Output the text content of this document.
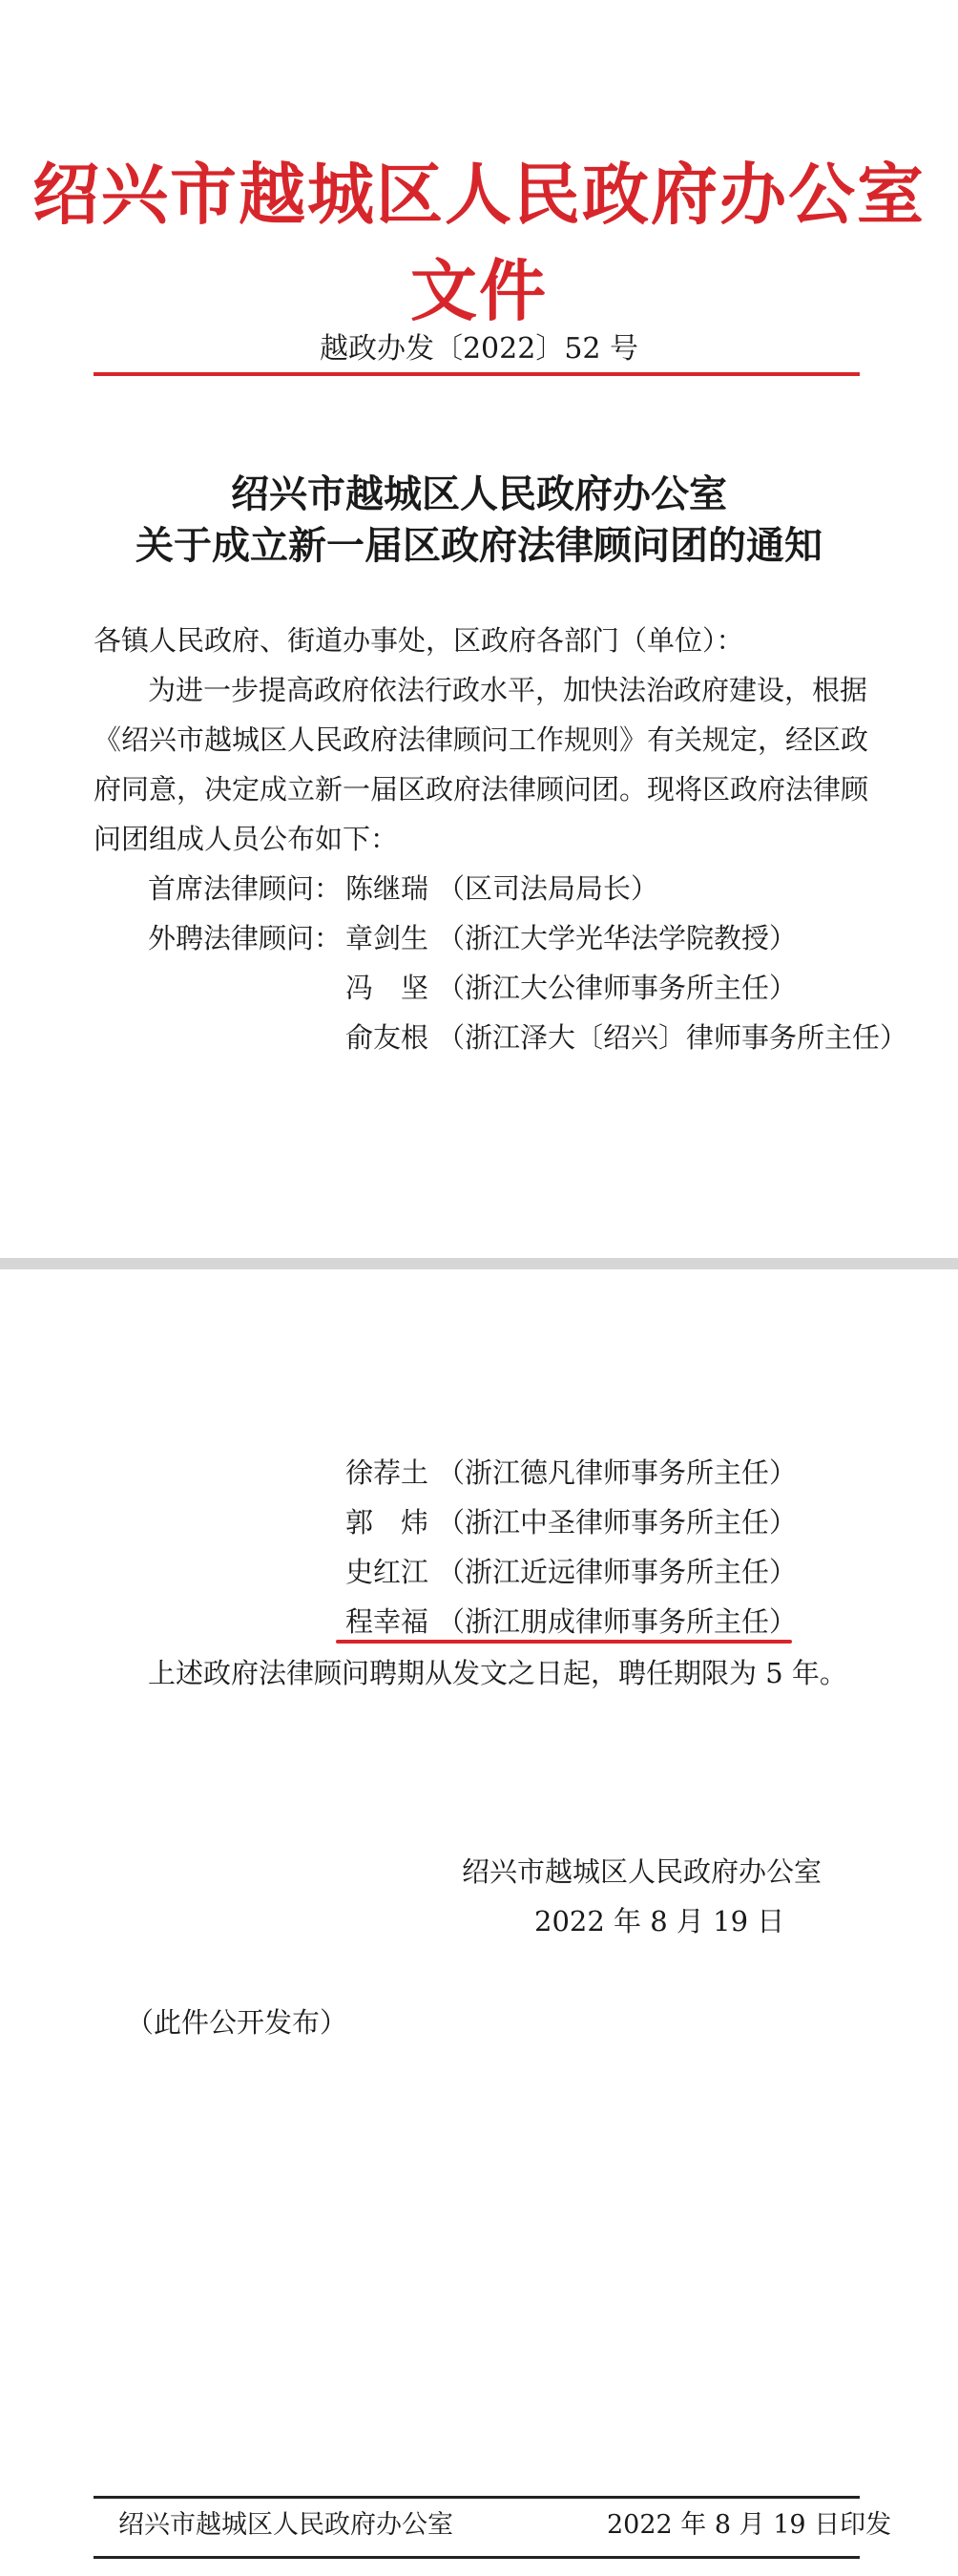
绍兴市越城区人民政府办公室文件
越政办发〔2022〕52 号
绍兴市越城区人民政府办公室
关于成立新一届区政府法律顾问团的通知
各镇人民政府、街道办事处，区政府各部门（单位）：
为进一步提高政府依法行政水平，加快法治政府建设，根据
《绍兴市越城区人民政府法律顾问工作规则》有关规定，经区政
府同意，决定成立新一届区政府法律顾问团。现将区政府法律顾
问团组成人员公布如下：
首席法律顾问： 陈继瑞 （区司法局局长）
外聘法律顾问： 章剑生 （浙江大学光华法学院教授）
冯　坚 （浙江大公律师事务所主任）
俞友根 （浙江泽大〔绍兴〕律师事务所主任）
徐荐土 （浙江德凡律师事务所主任）
郭　炜 （浙江中圣律师事务所主任）
史红江 （浙江近远律师事务所主任）
程幸福 （浙江朋成律师事务所主任）
上述政府法律顾问聘期从发文之日起，聘任期限为 5 年。
绍兴市越城区人民政府办公室
2022 年 8 月 19 日
（此件公开发布）
绍兴市越城区人民政府办公室	2022 年 8 月 19 日印发
